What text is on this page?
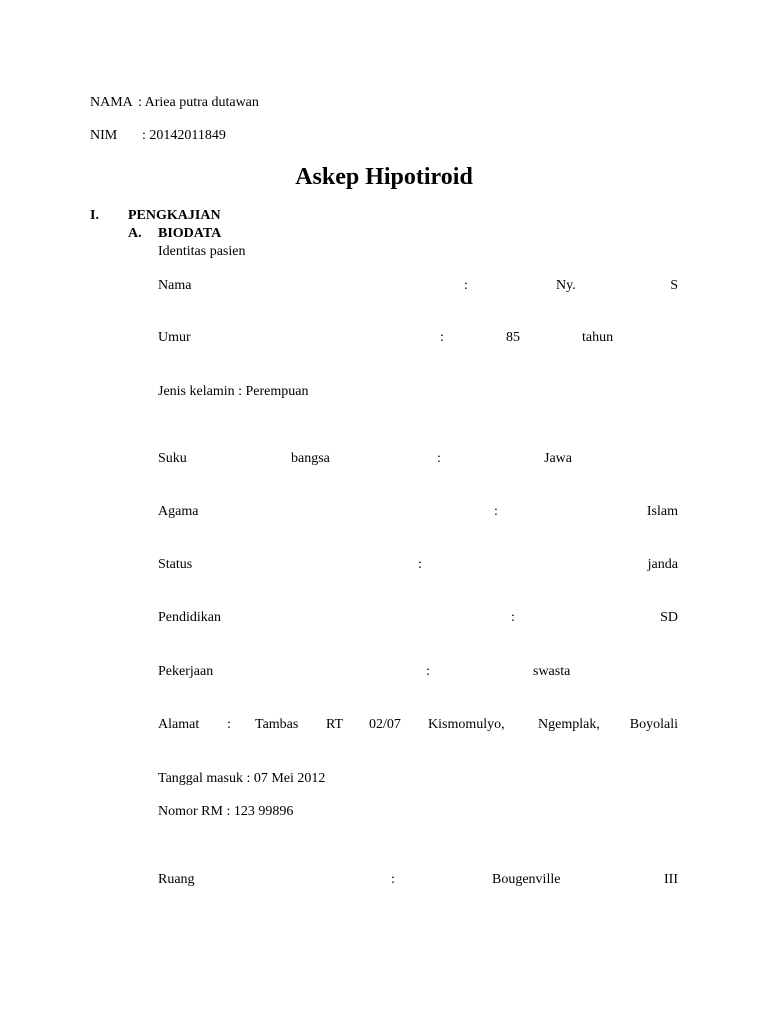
NAMA : Ariea putra dutawan
NIM : 20142011849
Askep Hipotiroid
I. PENGKAJIAN
A. BIODATA
Identitas pasien
Nama	:	Ny.	S
Umur	:	85	tahun
Jenis kelamin : Perempuan
Suku	bangsa	:	Jawa
Agama	:	Islam
Status	:	janda
Pendidikan	:	SD
Pekerjaan	:	swasta
Alamat : Tambas RT 02/07 Kismomulyo, Ngemplak, Boyolali
Tanggal masuk : 07 Mei 2012
Nomor RM : 123 99896
Ruang	:	Bougenville	III
